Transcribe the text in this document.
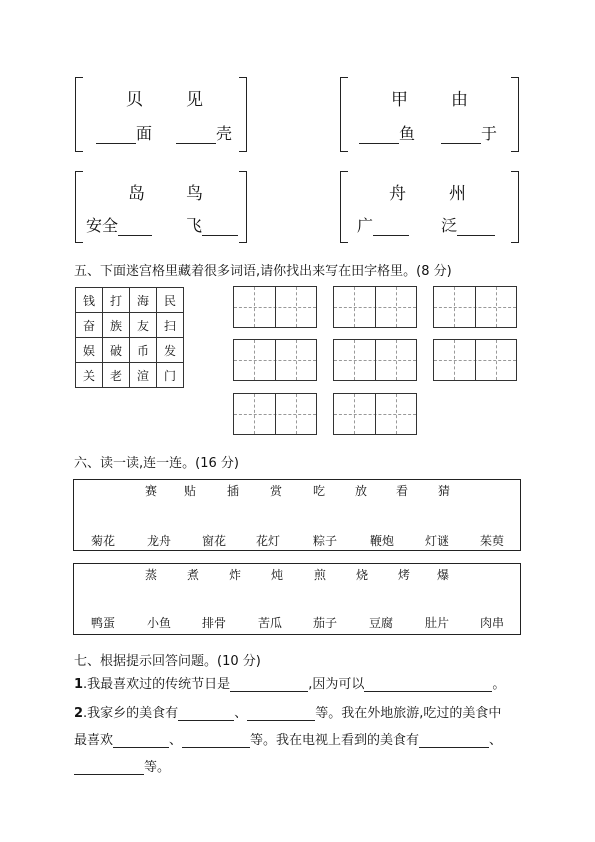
贝 见
面	壳
甲 由
鱼	于
岛 鸟
安全	飞
舟 州
广	泛
五、下面迷宫格里藏着很多词语,请你找出来写在田字格里。(8 分)
钱	打	海	民
奋	族	友	扫
娱	破	币	发
关	老	渲	门
六、读一读,连一连。(16 分)
赛 贴	插	赏	吃 放 看 猜
菊花	龙舟	窗花 花灯	粽子	鞭炮	灯谜	茱萸
蒸 煮 炸 炖	煎 烧 烤 爆
鸭蛋	小鱼	排骨	苦瓜	茄子	豆腐	肚片	肉串
七、根据提示回答问题。(10 分)
1.我最喜欢过的传统节日是	,因为可以	。
2.我家乡的美食有	、	等。我在外地旅游,吃过的美食中
最喜欢	、	等。我在电视上看到的美食有	、
等。
